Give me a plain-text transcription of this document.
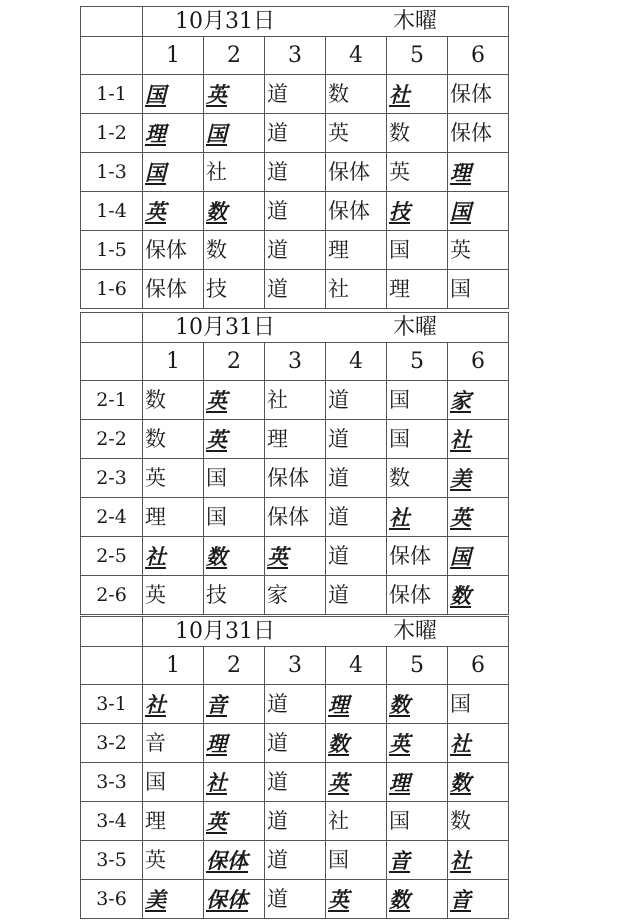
	10月31日 木曜					

	1	2	3	4	5	6
1-1	国	英	道	数	社	保体
1-2	理	国	道	英	数	保体
1-3	国	社	道	保体	英	理
1-4	英	数	道	保体	技	国
1-5	保体	数	道	理	国	英
1-6	保体	技	道	社	理	国

	10月31日 木曜					

	1	2	3	4	5	6
2-1	数	英	社	道	国	家
2-2	数	英	理	道	国	社
2-3	英	国	保体	道	数	美
2-4	理	国	保体	道	社	英
2-5	社	数	英	道	保体	国
2-6	英	技	家	道	保体	数

	10月31日 木曜					

	1	2	3	4	5	6
3-1	社	音	道	理	数	国
3-2	音	理	道	数	英	社
3-3	国	社	道	英	理	数
3-4	理	英	道	社	国	数
3-5	英	保体	道	国	音	社
3-6	美	保体	道	英	数	音
